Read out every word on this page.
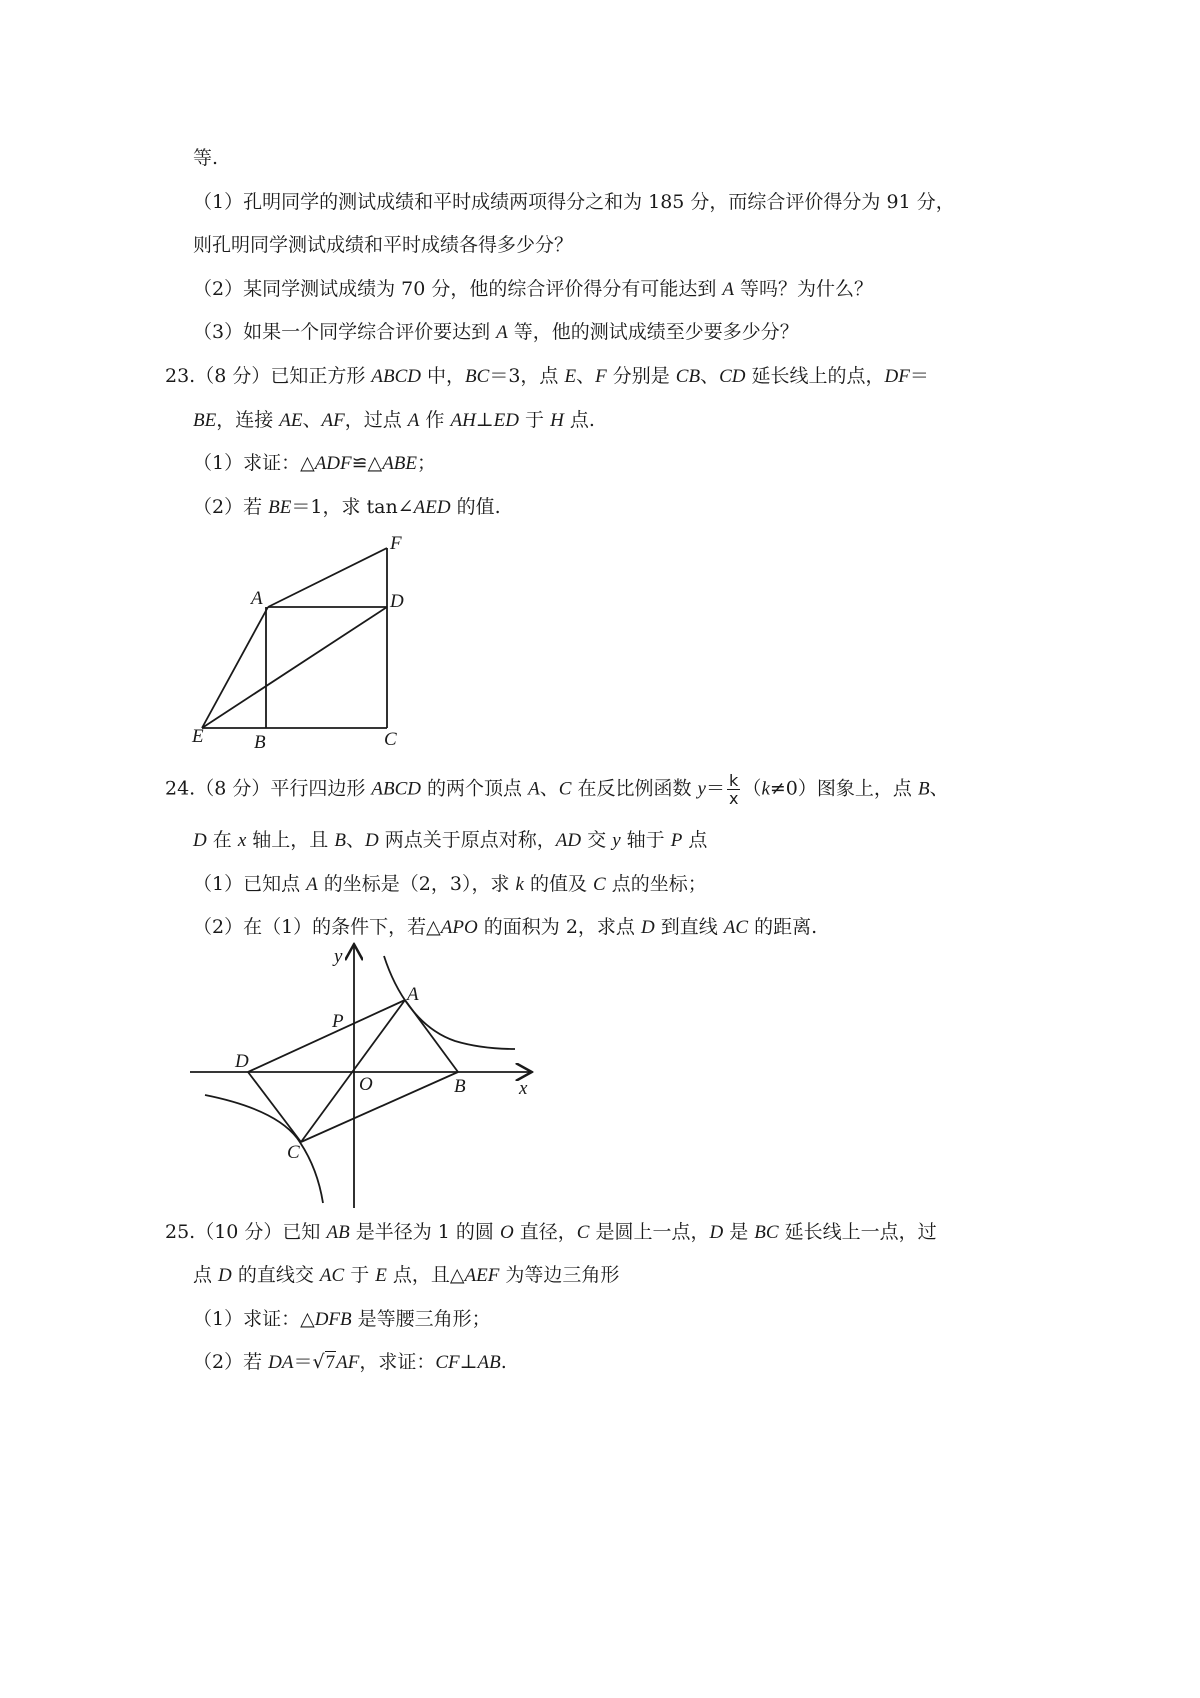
等.
（1）孔明同学的测试成绩和平时成绩两项得分之和为 185 分，而综合评价得分为 91 分，
则孔明同学测试成绩和平时成绩各得多少分？
（2）某同学测试成绩为 70 分，他的综合评价得分有可能达到 A 等吗？为什么？
（3）如果一个同学综合评价要达到 A 等，他的测试成绩至少要多少分？
23.（8 分）已知正方形 ABCD 中，BC＝3，点 E、F 分别是 CB、CD 延长线上的点，DF＝
BE，连接 AE、AF，过点 A 作 AH⊥ED 于 H 点.
（1）求证：△ADF≌△ABE；
（2）若 BE＝1，求 tan∠AED 的值.
F
A	D
E	B	C
24.（8 分）平行四边形 ABCD 的两个顶点 A、C 在反比例函数 $y= \frac{k}{x} (k\ne 0)$图象上，点 B、
D 在 x 轴上，且 B、D 两点关于原点对称，AD 交 y 轴于 P 点
（1）已知点 A 的坐标是（2，3），求 k 的值及 C 点的坐标；
（2）在（1）的条件下，若△APO 的面积为 2，求点 D 到直线 AC 的距离.
y
x
A
P
D
O	B
C
25.（10 分）已知 AB 是半径为 1 的圆 O 直径，C 是圆上一点，D 是 BC 延长线上一点，过
点 D 的直线交 AC 于 E 点，且△AEF 为等边三角形
（1）求证：△DFB 是等腰三角形；
（2）若 DA＝√7AF，求证：CF⊥AB.
